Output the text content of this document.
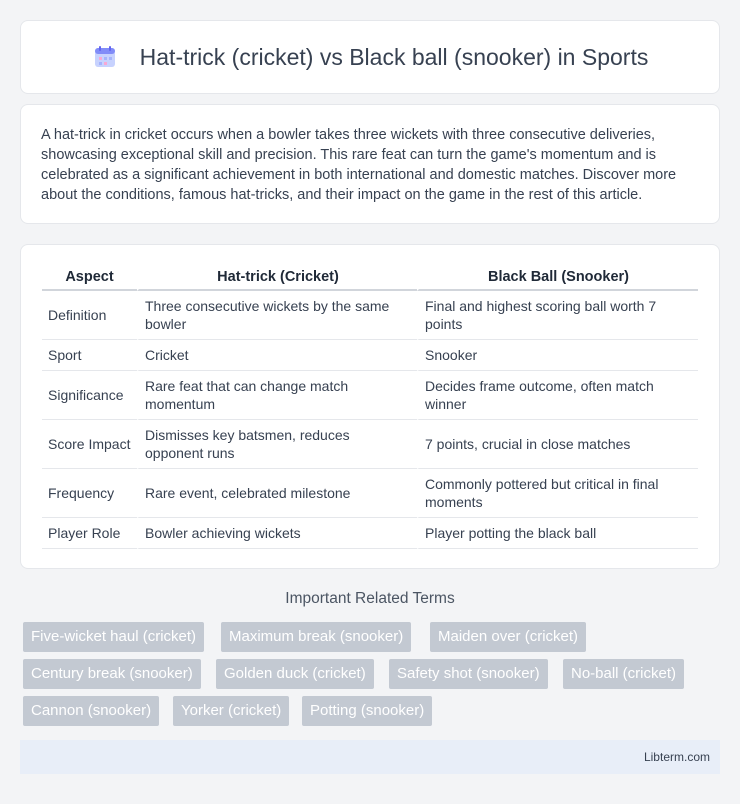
Hat-trick (cricket) vs Black ball (snooker) in Sports

A hat-trick in cricket occurs when a bowler takes three wickets with three consecutive deliveries, showcasing exceptional skill and precision. This rare feat can turn the game's momentum and is celebrated as a significant achievement in both international and domestic matches. Discover more about the conditions, famous hat-tricks, and their impact on the game in the rest of this article.

Aspect	Hat-trick (Cricket)	Black Ball (Snooker)
Definition	Three consecutive wickets by the same bowler	Final and highest scoring ball worth 7 points
Sport	Cricket	Snooker
Significance	Rare feat that can change match momentum	Decides frame outcome, often match winner
Score Impact	Dismisses key batsmen, reduces opponent runs	7 points, crucial in close matches
Frequency	Rare event, celebrated milestone	Commonly pottered but critical in final moments
Player Role	Bowler achieving wickets	Player potting the black ball
Important Related Terms
Five-wicket haul (cricket)	Maximum break (snooker)	Maiden over (cricket)
Century break (snooker)	Golden duck (cricket)	Safety shot (snooker)	No-ball (cricket)
Cannon (snooker)	Yorker (cricket)	Potting (snooker)
Libterm.com
